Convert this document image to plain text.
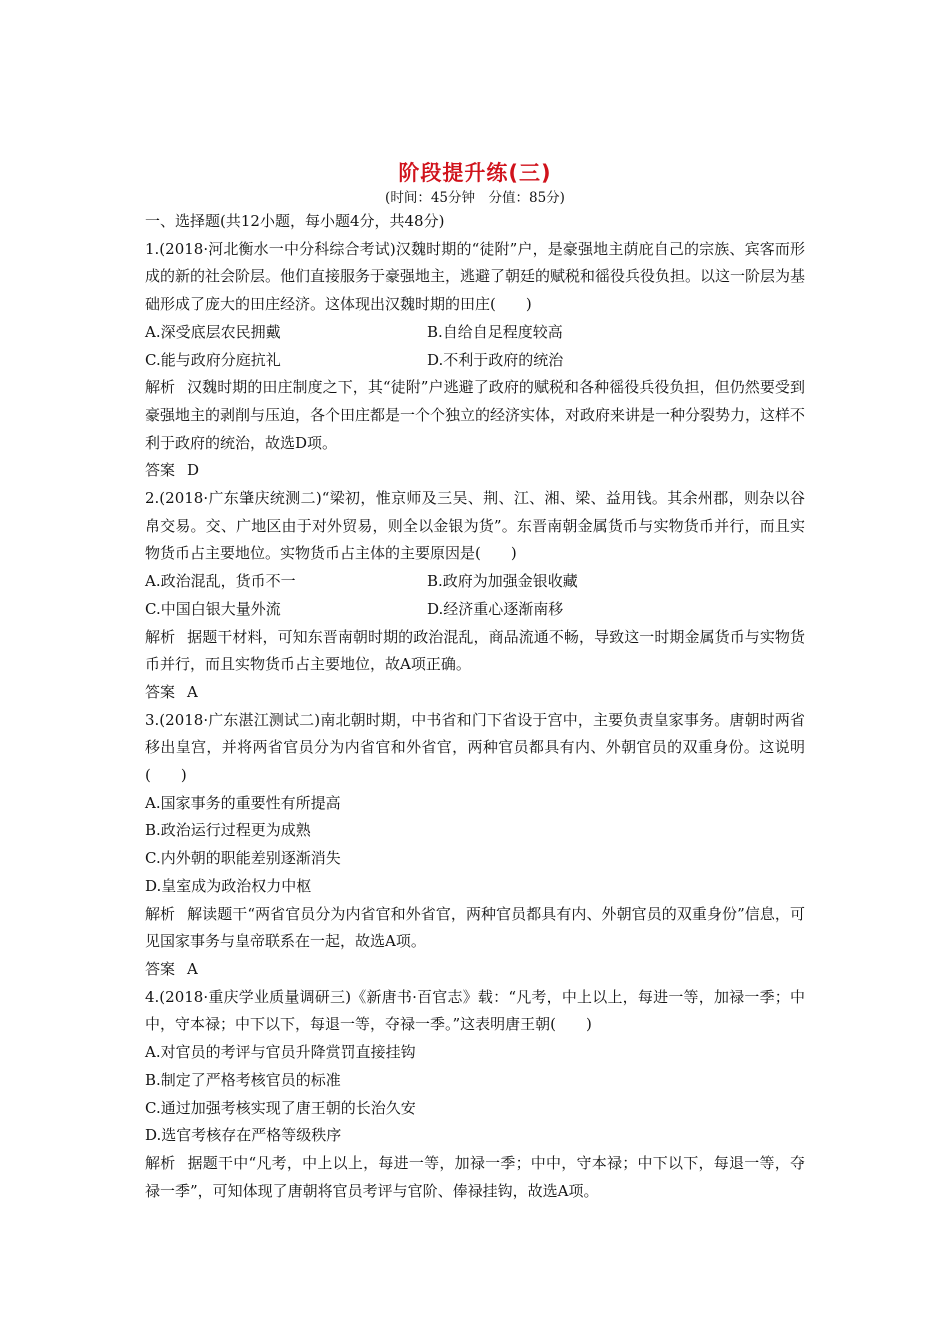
阶段提升练(三)
(时间：45分钟　分值：85分)
一、选择题(共12小题，每小题4分，共48分)
1.(2018·河北衡水一中分科综合考试)汉魏时期的“徒附”户，是豪强地主荫庇自己的宗族、宾客而形成的新的社会阶层。他们直接服务于豪强地主，逃避了朝廷的赋税和徭役兵役负担。以这一阶层为基础形成了庞大的田庄经济。这体现出汉魏时期的田庄(　　)
A.深受底层农民拥戴	B.自给自足程度较高
C.能与政府分庭抗礼	D.不利于政府的统治
解析 汉魏时期的田庄制度之下，其“徒附”户逃避了政府的赋税和各种徭役兵役负担，但仍然要受到豪强地主的剥削与压迫，各个田庄都是一个个独立的经济实体，对政府来讲是一种分裂势力，这样不利于政府的统治，故选D项。
答案 D
2.(2018·广东肇庆统测二)“梁初，惟京师及三吴、荆、江、湘、梁、益用钱。其余州郡，则杂以谷帛交易。交、广地区由于对外贸易，则全以金银为货”。东晋南朝金属货币与实物货币并行，而且实物货币占主要地位。实物货币占主体的主要原因是(　　)
A.政治混乱，货币不一	B.政府为加强金银收藏
C.中国白银大量外流	D.经济重心逐渐南移
解析 据题干材料，可知东晋南朝时期的政治混乱，商品流通不畅，导致这一时期金属货币与实物货币并行，而且实物货币占主要地位，故A项正确。
答案 A
3.(2018·广东湛江测试二)南北朝时期，中书省和门下省设于宫中，主要负责皇家事务。唐朝时两省移出皇宫，并将两省官员分为内省官和外省官，两种官员都具有内、外朝官员的双重身份。这说明(　　)
A.国家事务的重要性有所提高
B.政治运行过程更为成熟
C.内外朝的职能差别逐渐消失
D.皇室成为政治权力中枢
解析 解读题干“两省官员分为内省官和外省官，两种官员都具有内、外朝官员的双重身份”信息，可见国家事务与皇帝联系在一起，故选A项。
答案 A
4.(2018·重庆学业质量调研三)《新唐书·百官志》载：“凡考，中上以上，每进一等，加禄一季；中中，守本禄；中下以下，每退一等，夺禄一季。”这表明唐王朝(　　)
A.对官员的考评与官员升降赏罚直接挂钩
B.制定了严格考核官员的标准
C.通过加强考核实现了唐王朝的长治久安
D.选官考核存在严格等级秩序
解析 据题干中“凡考，中上以上，每进一等，加禄一季；中中，守本禄；中下以下，每退一等，夺禄一季”，可知体现了唐朝将官员考评与官阶、俸禄挂钩，故选A项。
